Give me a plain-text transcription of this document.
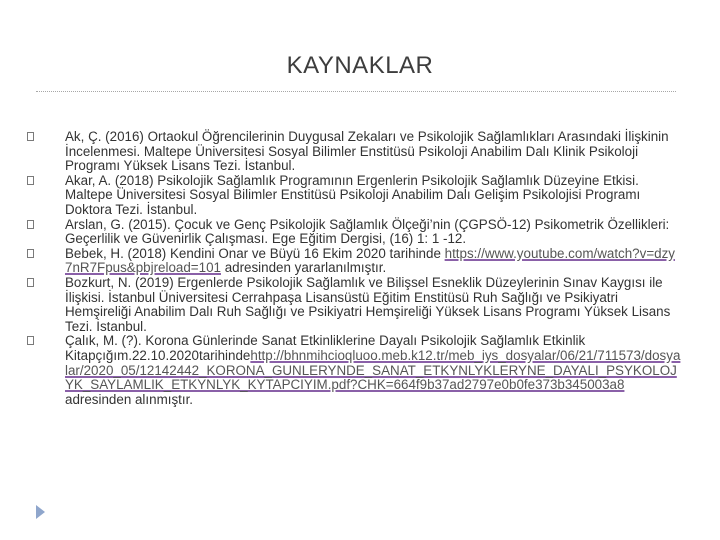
KAYNAKLAR
Ak, Ç. (2016) Ortaokul Öğrencilerinin Duygusal Zekaları ve Psikolojik Sağlamlıkları Arasındaki İlişkinin İncelenmesi. Maltepe Üniversitesi Sosyal Bilimler Enstitüsü Psikoloji Anabilim Dalı Klinik Psikoloji Programı Yüksek Lisans Tezi. İstanbul.
Akar, A. (2018) Psikolojik Sağlamlık Programının Ergenlerin Psikolojik Sağlamlık Düzeyine Etkisi. Maltepe Üniversitesi Sosyal Bilimler Enstitüsü Psikoloji Anabilim Dalı Gelişim Psikolojisi Programı Doktora Tezi. İstanbul.
Arslan, G. (2015). Çocuk ve Genç Psikolojik Sağlamlık Ölçeği’nin (ÇGPSÖ-12) Psikometrik Özellikleri: Geçerlilik ve Güvenirlik Çalışması. Ege Eğitim Dergisi, (16) 1: 1 -12.
Bebek, H. (2018) Kendini Onar ve Büyü 16 Ekim 2020 tarihinde https://www.youtube.com/watch?v=dzy7nR7Fpus&pbjreload=101 adresinden yararlanılmıştır.
Bozkurt, N. (2019) Ergenlerde Psikolojik Sağlamlık ve Bilişsel Esneklik Düzeylerinin Sınav Kaygısı ile İlişkisi. İstanbul Üniversitesi Cerrahpaşa Lisansüstü Eğitim Enstitüsü Ruh Sağlığı ve Psikiyatri Hemşireliği Anabilim Dalı Ruh Sağlığı ve Psikiyatri Hemşireliği Yüksek Lisans Programı Yüksek Lisans Tezi. İstanbul.
Çalık, M. (?). Korona Günlerinde Sanat Etkinliklerine Dayalı Psikolojik Sağlamlık Etkinlik Kitapçığım.22.10.2020tarihindehttp://bhnmihcioqluoo.meb.k12.tr/meb_iys_dosyalar/06/21/711573/dosyalar/2020_05/12142442_KORONA_GUNLERYNDE_SANAT_ETKYNLYKLERYNE_DAYALI_PSYKOLOJYK_SAYLAMLIK_ETKYNLYK_KYTAPCIYIM.pdf?CHK=664f9b37ad2797e0b0fe373b345003a8 adresinden alınmıştır.
